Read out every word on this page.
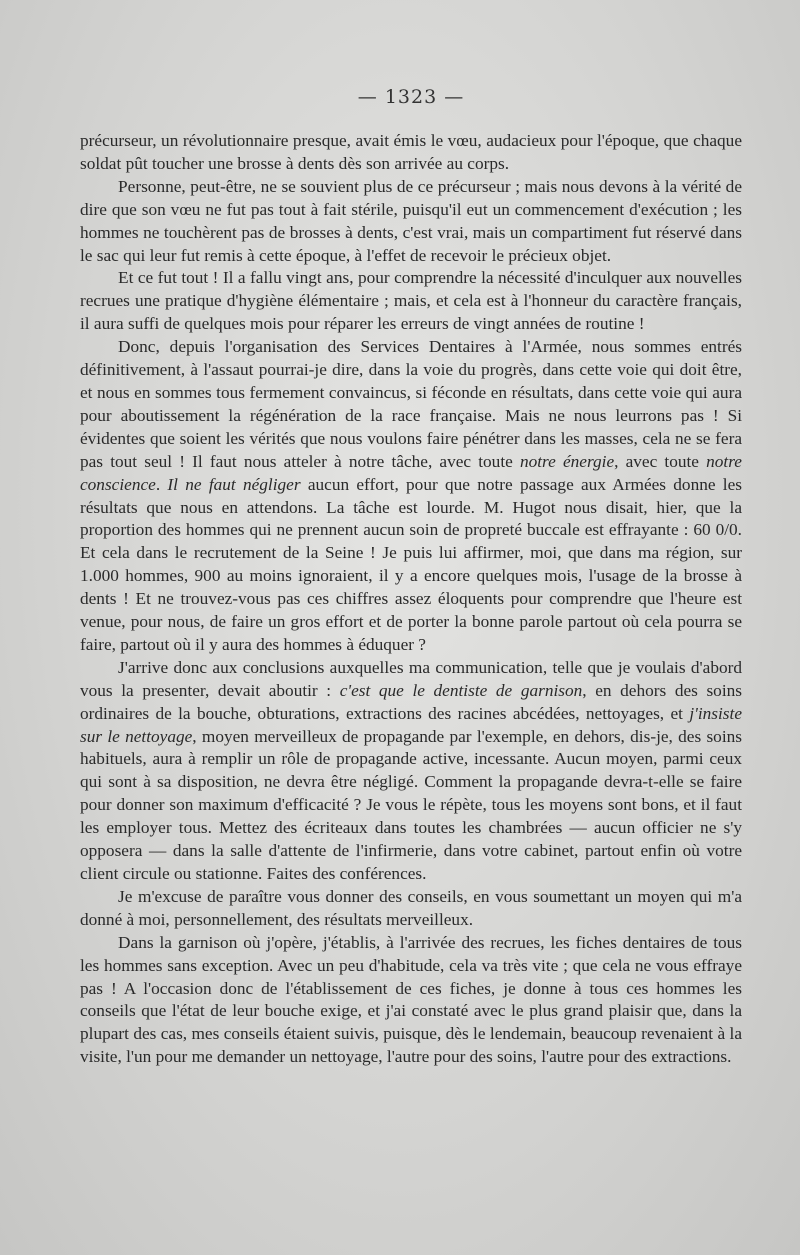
— 1323 —

précurseur, un révolutionnaire presque, avait émis le vœu, audacieux pour l'époque, que chaque soldat pût toucher une brosse à dents dès son arrivée au corps.

Personne, peut-être, ne se souvient plus de ce précurseur ; mais nous devons à la vérité de dire que son vœu ne fut pas tout à fait stérile, puisqu'il eut un commencement d'exécution ; les hommes ne touchèrent pas de brosses à dents, c'est vrai, mais un compartiment fut réservé dans le sac qui leur fut remis à cette époque, à l'effet de recevoir le précieux objet.

Et ce fut tout ! Il a fallu vingt ans, pour comprendre la nécessité d'inculquer aux nouvelles recrues une pratique d'hygiène élémentaire ; mais, et cela est à l'honneur du caractère français, il aura suffi de quelques mois pour réparer les erreurs de vingt années de routine !

Donc, depuis l'organisation des Services Dentaires à l'Armée, nous sommes entrés définitivement, à l'assaut pourrai-je dire, dans la voie du progrès, dans cette voie qui doit être, et nous en sommes tous fermement convaincus, si féconde en résultats, dans cette voie qui aura pour aboutissement la régénération de la race française. Mais ne nous leurrons pas ! Si évidentes que soient les vérités que nous voulons faire pénétrer dans les masses, cela ne se fera pas tout seul ! Il faut nous atteler à notre tâche, avec toute notre énergie, avec toute notre conscience. Il ne faut négliger aucun effort, pour que notre passage aux Armées donne les résultats que nous en attendons. La tâche est lourde. M. Hugot nous disait, hier, que la proportion des hommes qui ne prennent aucun soin de propreté buccale est effrayante : 60 0/0. Et cela dans le recrutement de la Seine ! Je puis lui affirmer, moi, que dans ma région, sur 1.000 hommes, 900 au moins ignoraient, il y a encore quelques mois, l'usage de la brosse à dents ! Et ne trouvez-vous pas ces chiffres assez éloquents pour comprendre que l'heure est venue, pour nous, de faire un gros effort et de porter la bonne parole partout où cela pourra se faire, partout où il y aura des hommes à éduquer ?

J'arrive donc aux conclusions auxquelles ma communication, telle que je voulais d'abord vous la presenter, devait aboutir : c'est que le dentiste de garnison, en dehors des soins ordinaires de la bouche, obturations, extractions des racines abcédées, nettoyages, et j'insiste sur le nettoyage, moyen merveilleux de propagande par l'exemple, en dehors, dis-je, des soins habituels, aura à remplir un rôle de propagande active, incessante. Aucun moyen, parmi ceux qui sont à sa disposition, ne devra être négligé. Comment la propagande devra-t-elle se faire pour donner son maximum d'efficacité ? Je vous le répète, tous les moyens sont bons, et il faut les employer tous. Mettez des écriteaux dans toutes les chambrées — aucun officier ne s'y opposera — dans la salle d'attente de l'infirmerie, dans votre cabinet, partout enfin où votre client circule ou stationne. Faites des conférences.

Je m'excuse de paraître vous donner des conseils, en vous soumettant un moyen qui m'a donné à moi, personnellement, des résultats merveilleux.

Dans la garnison où j'opère, j'établis, à l'arrivée des recrues, les fiches dentaires de tous les hommes sans exception. Avec un peu d'habitude, cela va très vite ; que cela ne vous effraye pas ! A l'occasion donc de l'établissement de ces fiches, je donne à tous ces hommes les conseils que l'état de leur bouche exige, et j'ai constaté avec le plus grand plaisir que, dans la plupart des cas, mes conseils étaient suivis, puisque, dès le lendemain, beaucoup revenaient à la visite, l'un pour me demander un nettoyage, l'autre pour des soins, l'autre pour des extractions.
